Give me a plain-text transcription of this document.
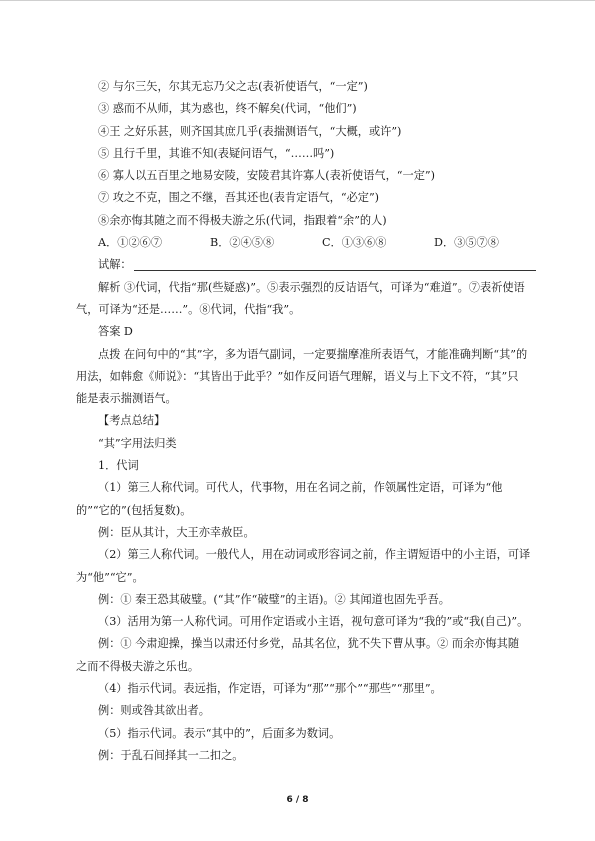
② 与尔三矢，尔其无忘乃父之志(表祈使语气，“一定”)
③ 惑而不从师，其为惑也，终不解矣(代词，“他们”)
④王 之好乐甚，则齐国其庶几乎(表揣测语气，“大概，或许”)
⑤ 且行千里，其谁不知(表疑问语气，“……吗”)
⑥ 寡人以五百里之地易安陵，安陵君其许寡人(表祈使语气，“一定”)
⑦ 攻之不克，围之不继，吾其还也(表肯定语气，“必定”)
⑧余亦悔其随之而不得极夫游之乐(代词，指跟着“余”的人)
A．①②⑥⑦	B．②④⑤⑧	C．①③⑥⑧	D．③⑤⑦⑧
试解：
解析 ③代词，代指“那(些疑惑)”。⑤表示强烈的反诘语气，可译为“难道”。⑦表祈使语
气，可译为“还是……”。⑧代词，代指“我”。
答案 D
点拨 在问句中的“其”字，多为语气副词，一定要揣摩准所表语气，才能准确判断“其”的
用法，如韩愈《师说》：“其皆出于此乎？”如作反问语气理解，语义与上下文不符，“其”只
能是表示揣测语气。
【考点总结】
“其”字用法归类
1．代词
（1）第三人称代词。可代人，代事物，用在名词之前，作领属性定语，可译为“他
的”“它的”(包括复数)。
例：臣从其计，大王亦幸赦臣。
（2）第三人称代词。一般代人，用在动词或形容词之前，作主谓短语中的小主语，可译
为“他”“它”。
例：① 秦王恐其破璧。(“其”作“破璧”的主语)。② 其闻道也固先乎吾。
（3）活用为第一人称代词。可用作定语或小主语，视句意可译为“我的”或“我(自己)”。
例：① 今肃迎操，操当以肃还付乡党，品其名位，犹不失下曹从事。② 而余亦悔其随
之而不得极夫游之乐也。
（4）指示代词。表远指，作定语，可译为“那”“那个”“那些”“那里”。
例：则或咎其欲出者。
（5）指示代词。表示“其中的”，后面多为数词。
例：于乱石间择其一二扣之。
6 / 8
